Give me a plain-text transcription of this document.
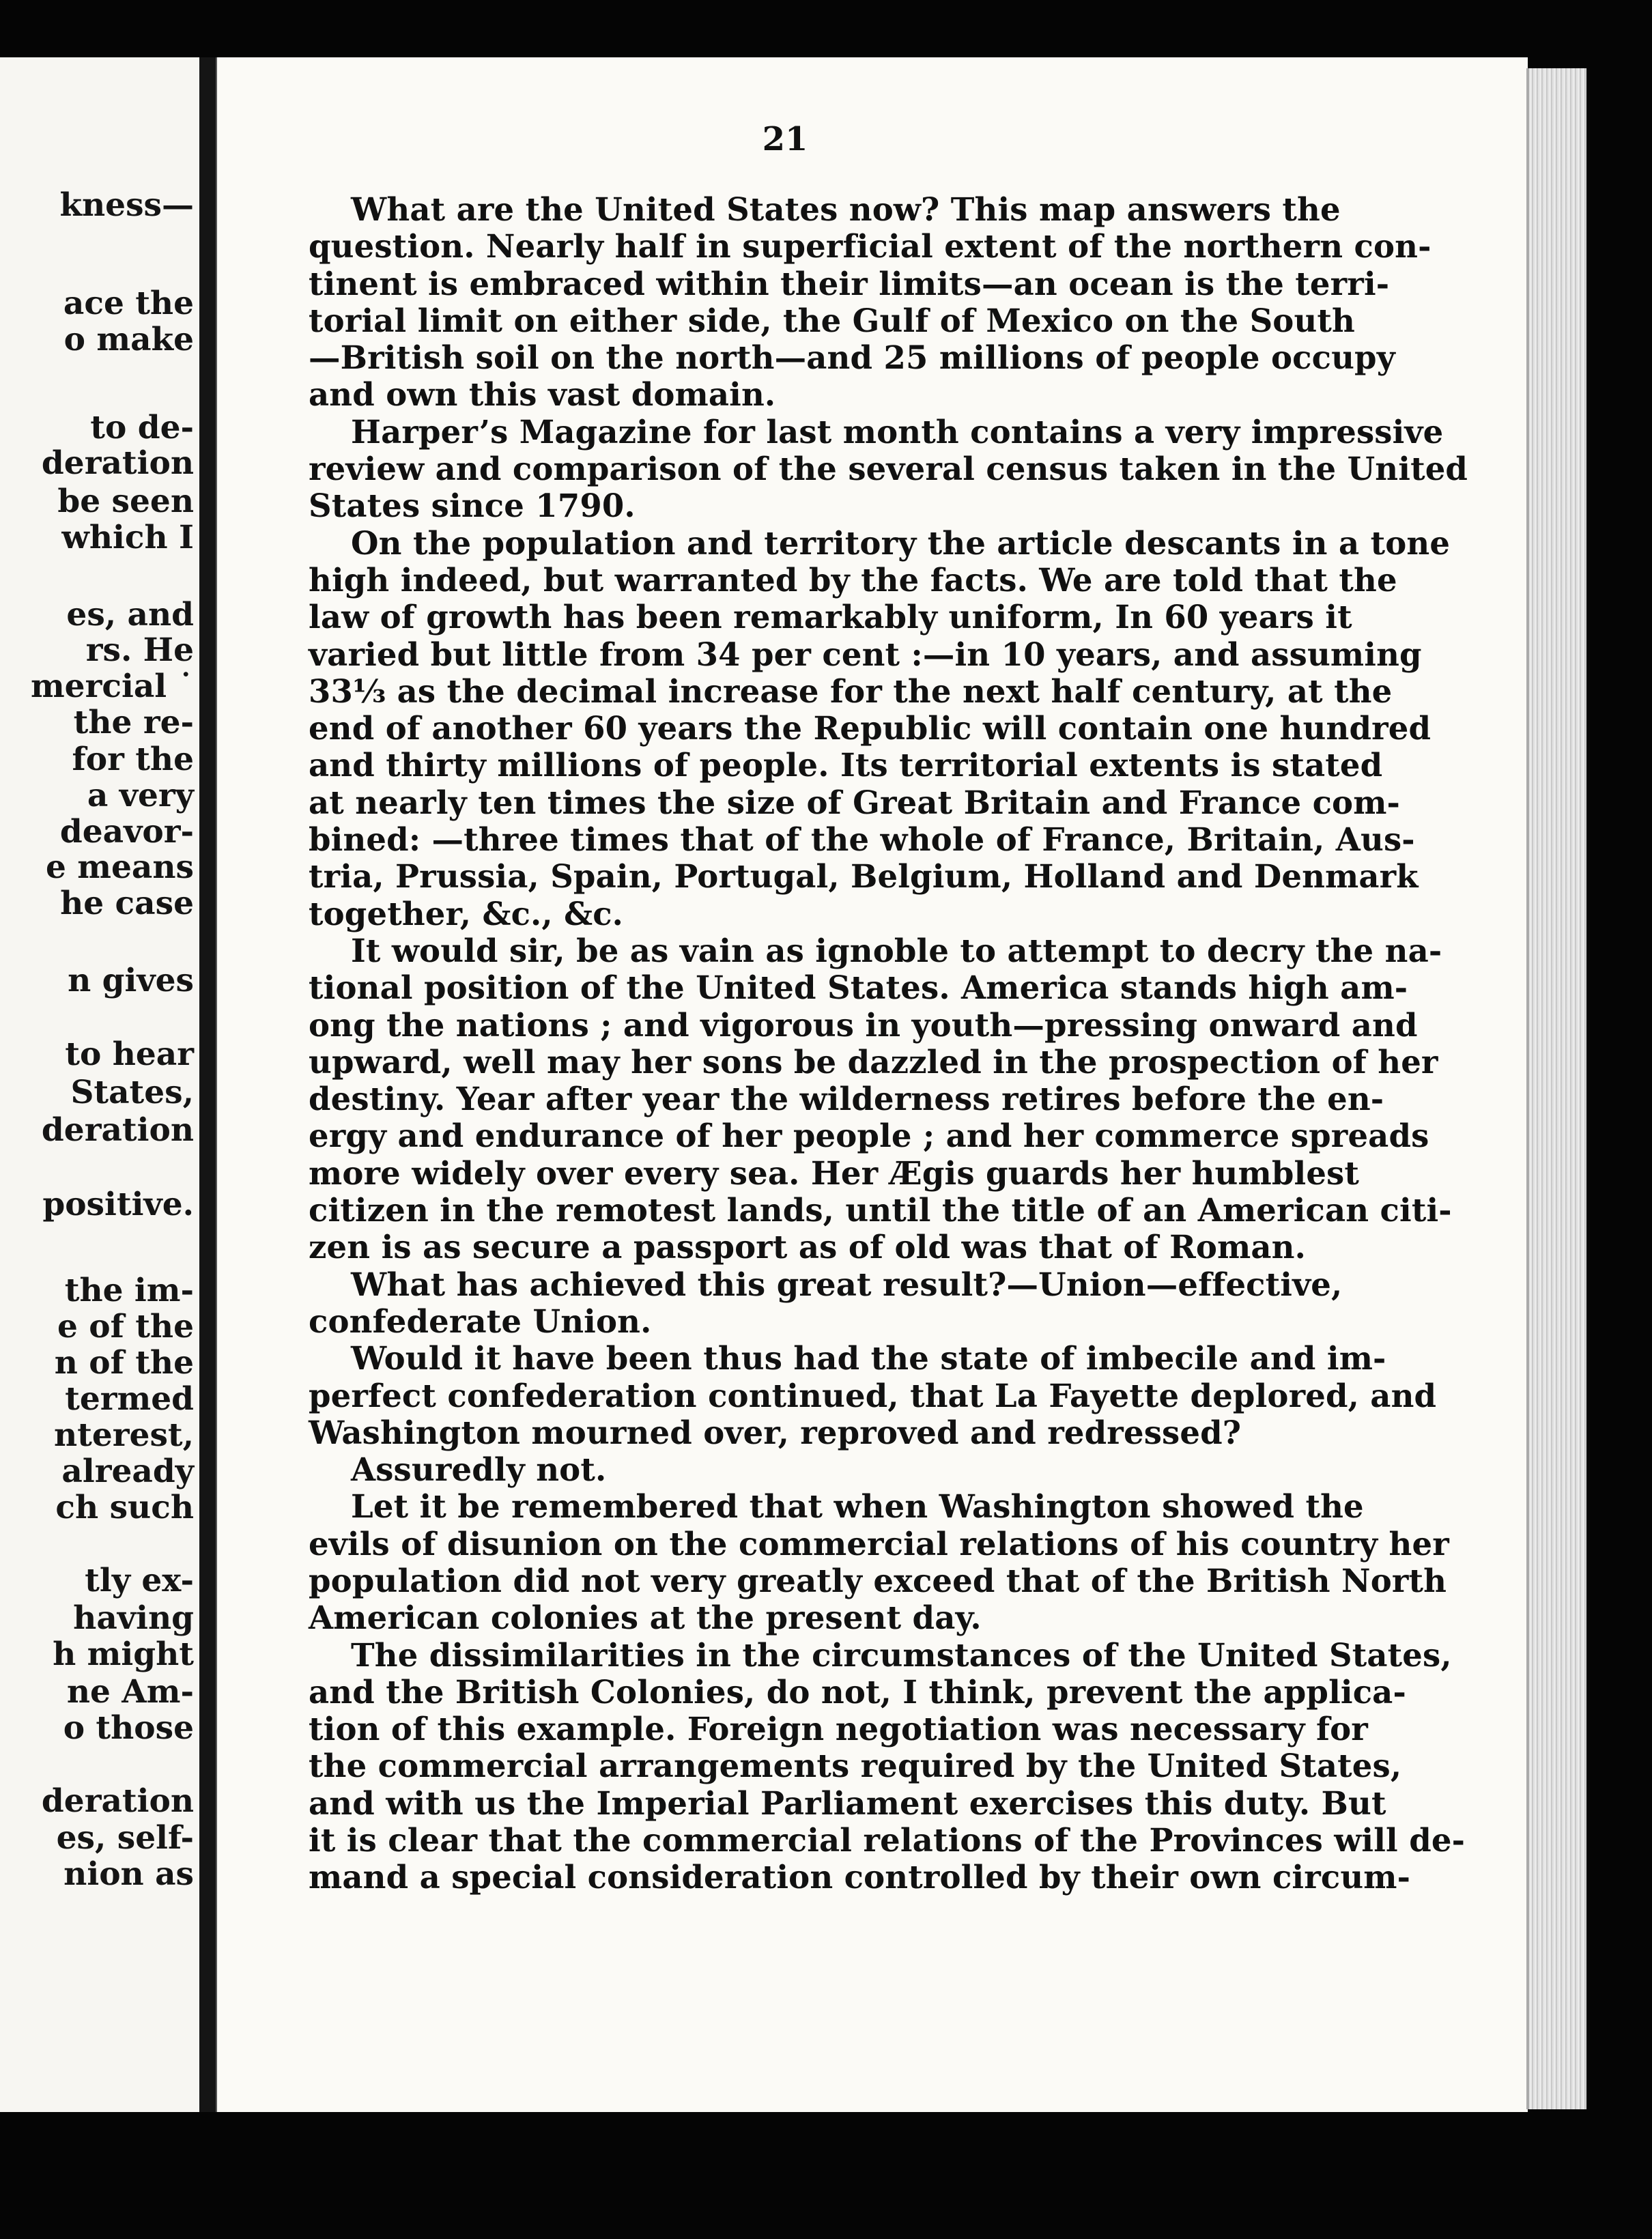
kness—
ace the
o make
to de-
deration
be seen
which I
es, and
rs. He
mercial ˙
the re-
for the
a very
deavor-
e means
he case
n gives
to hear
States,
deration
positive.
the im-
e of the
n of the
termed
nterest,
already
ch such
tly ex-
having
h might
ne Am-
o those
deration
es, self-
nion as
21
What are the United States now? This map answers the
question. Nearly half in superficial extent of the northern con-
tinent is embraced within their limits—an ocean is the terri-
torial limit on either side, the Gulf of Mexico on the South
—British soil on the north—and 25 millions of people occupy
and own this vast domain.
Harper’s Magazine for last month contains a very impressive
review and comparison of the several census taken in the United
States since 1790.
On the population and territory the article descants in a tone
high indeed, but warranted by the facts. We are told that the
law of growth has been remarkably uniform, In 60 years it
varied but little from 34 per cent :—in 10 years, and assuming
33⅓ as the decimal increase for the next half century, at the
end of another 60 years the Republic will contain one hundred
and thirty millions of people. Its territorial extents is stated
at nearly ten times the size of Great Britain and France com-
bined: —three times that of the whole of France, Britain, Aus-
tria, Prussia, Spain, Portugal, Belgium, Holland and Denmark
together, &c., &c.
It would sir, be as vain as ignoble to attempt to decry the na-
tional position of the United States. America stands high am-
ong the nations ; and vigorous in youth—pressing onward and
upward, well may her sons be dazzled in the prospection of her
destiny. Year after year the wilderness retires before the en-
ergy and endurance of her people ; and her commerce spreads
more widely over every sea. Her Ægis guards her humblest
citizen in the remotest lands, until the title of an American citi-
zen is as secure a passport as of old was that of Roman.
What has achieved this great result?—Union—effective,
confederate Union.
Would it have been thus had the state of imbecile and im-
perfect confederation continued, that La Fayette deplored, and
Washington mourned over, reproved and redressed?
Assuredly not.
Let it be remembered that when Washington showed the
evils of disunion on the commercial relations of his country her
population did not very greatly exceed that of the British North
American colonies at the present day.
The dissimilarities in the circumstances of the United States,
and the British Colonies, do not, I think, prevent the applica-
tion of this example. Foreign negotiation was necessary for
the commercial arrangements required by the United States,
and with us the Imperial Parliament exercises this duty. But
it is clear that the commercial relations of the Provinces will de-
mand a special consideration controlled by their own circum-
